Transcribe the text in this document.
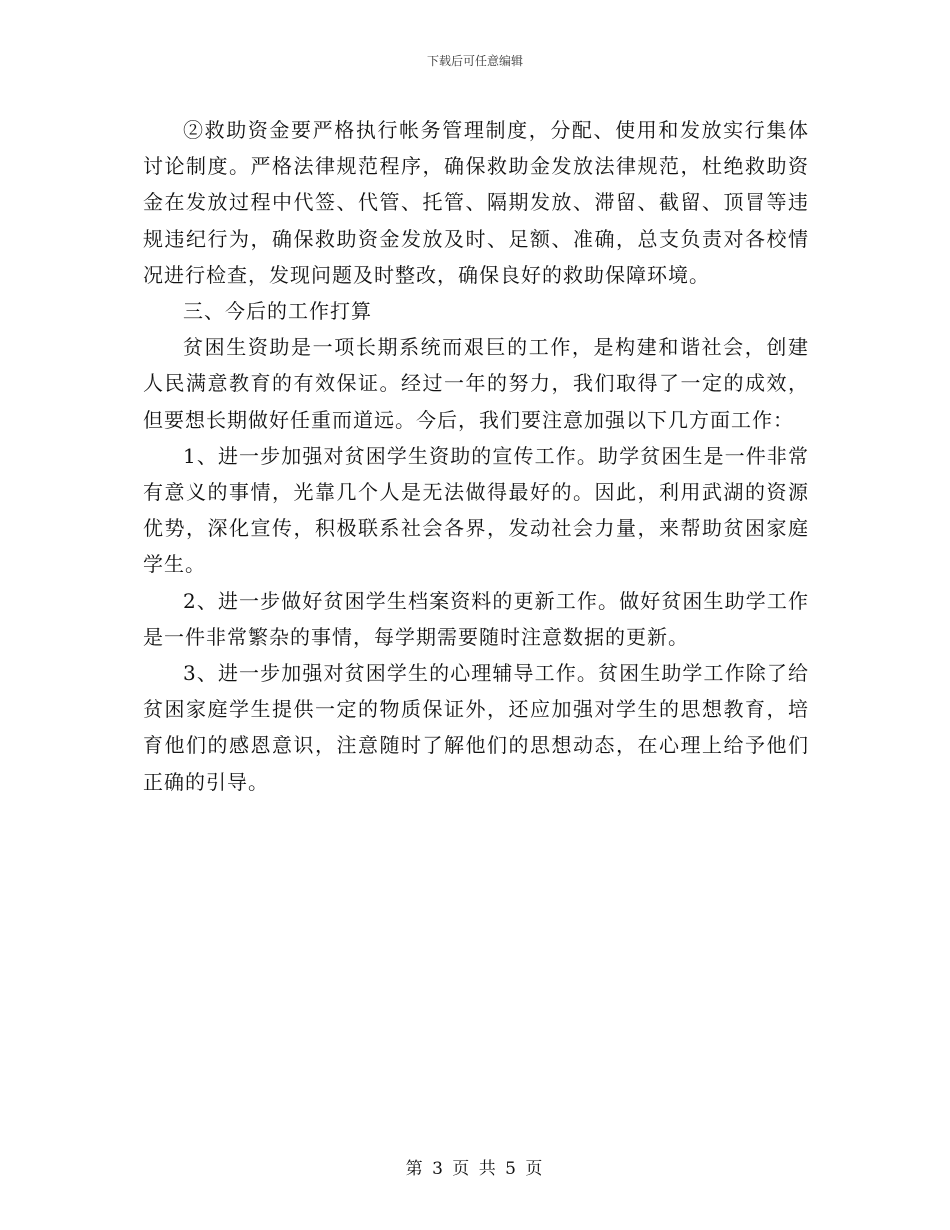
下载后可任意编辑

②救助资金要严格执行帐务管理制度，分配、使用和发放实行集体讨论制度。严格法律规范程序，确保救助金发放法律规范，杜绝救助资金在发放过程中代签、代管、托管、隔期发放、滞留、截留、顶冒等违规违纪行为，确保救助资金发放及时、足额、准确，总支负责对各校情况进行检查，发现问题及时整改，确保良好的救助保障环境。

三、今后的工作打算

贫困生资助是一项长期系统而艰巨的工作，是构建和谐社会，创建人民满意教育的有效保证。经过一年的努力，我们取得了一定的成效，但要想长期做好任重而道远。今后，我们要注意加强以下几方面工作：

1、进一步加强对贫困学生资助的宣传工作。助学贫困生是一件非常有意义的事情，光靠几个人是无法做得最好的。因此，利用武湖的资源优势，深化宣传，积极联系社会各界，发动社会力量，来帮助贫困家庭学生。

2、进一步做好贫困学生档案资料的更新工作。做好贫困生助学工作是一件非常繁杂的事情，每学期需要随时注意数据的更新。

3、进一步加强对贫困学生的心理辅导工作。贫困生助学工作除了给贫困家庭学生提供一定的物质保证外，还应加强对学生的思想教育，培育他们的感恩意识，注意随时了解他们的思想动态，在心理上给予他们正确的引导。

第 3 页 共 5 页
